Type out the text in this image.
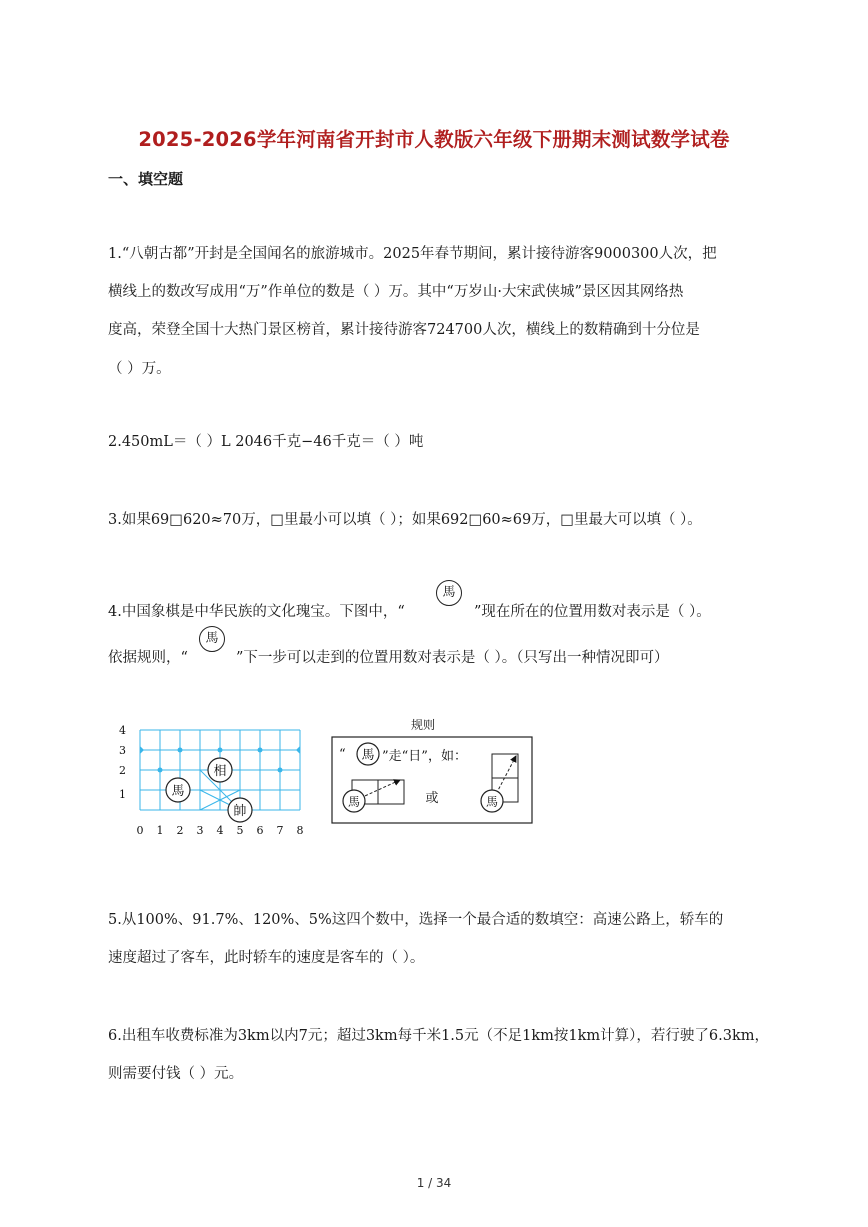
2025-2026学年河南省开封市人教版六年级下册期末测试数学试卷
一、填空题
1.“八朝古都”开封是全国闻名的旅游城市。2025年春节期间，累计接待游客9000300人次，把
横线上的数改写成用“万”作单位的数是（ ）万。其中“万岁山·大宋武侠城”景区因其网络热
度高，荣登全国十大热门景区榜首，累计接待游客724700人次，横线上的数精确到十分位是
（ ）万。
2.450mL＝（ ）L 2046千克−46千克＝（ ）吨
3.如果69□620≈70万，□里最小可以填（ ）；如果692□60≈69万，□里最大可以填（ ）。
4.中国象棋是中华民族的文化瑰宝。下图中，“
馬
”现在所在的位置用数对表示是（ ）。
依据规则，“
馬
”下一步可以走到的位置用数对表示是（ ）。（只写出一种情况即可）
4
3
2
1
0 1 2 3 4 5 6 7 8
馬
相
帥
规则
“ 馬 ”走“日”，如：
馬	或	馬
5.从100%、91.7%、120%、5%这四个数中，选择一个最合适的数填空：高速公路上，轿车的
速度超过了客车，此时轿车的速度是客车的（ ）。
6.出租车收费标准为3km以内7元；超过3km每千米1.5元（不足1km按1km计算），若行驶了6.3km，
则需要付钱（ ）元。
1 / 34
